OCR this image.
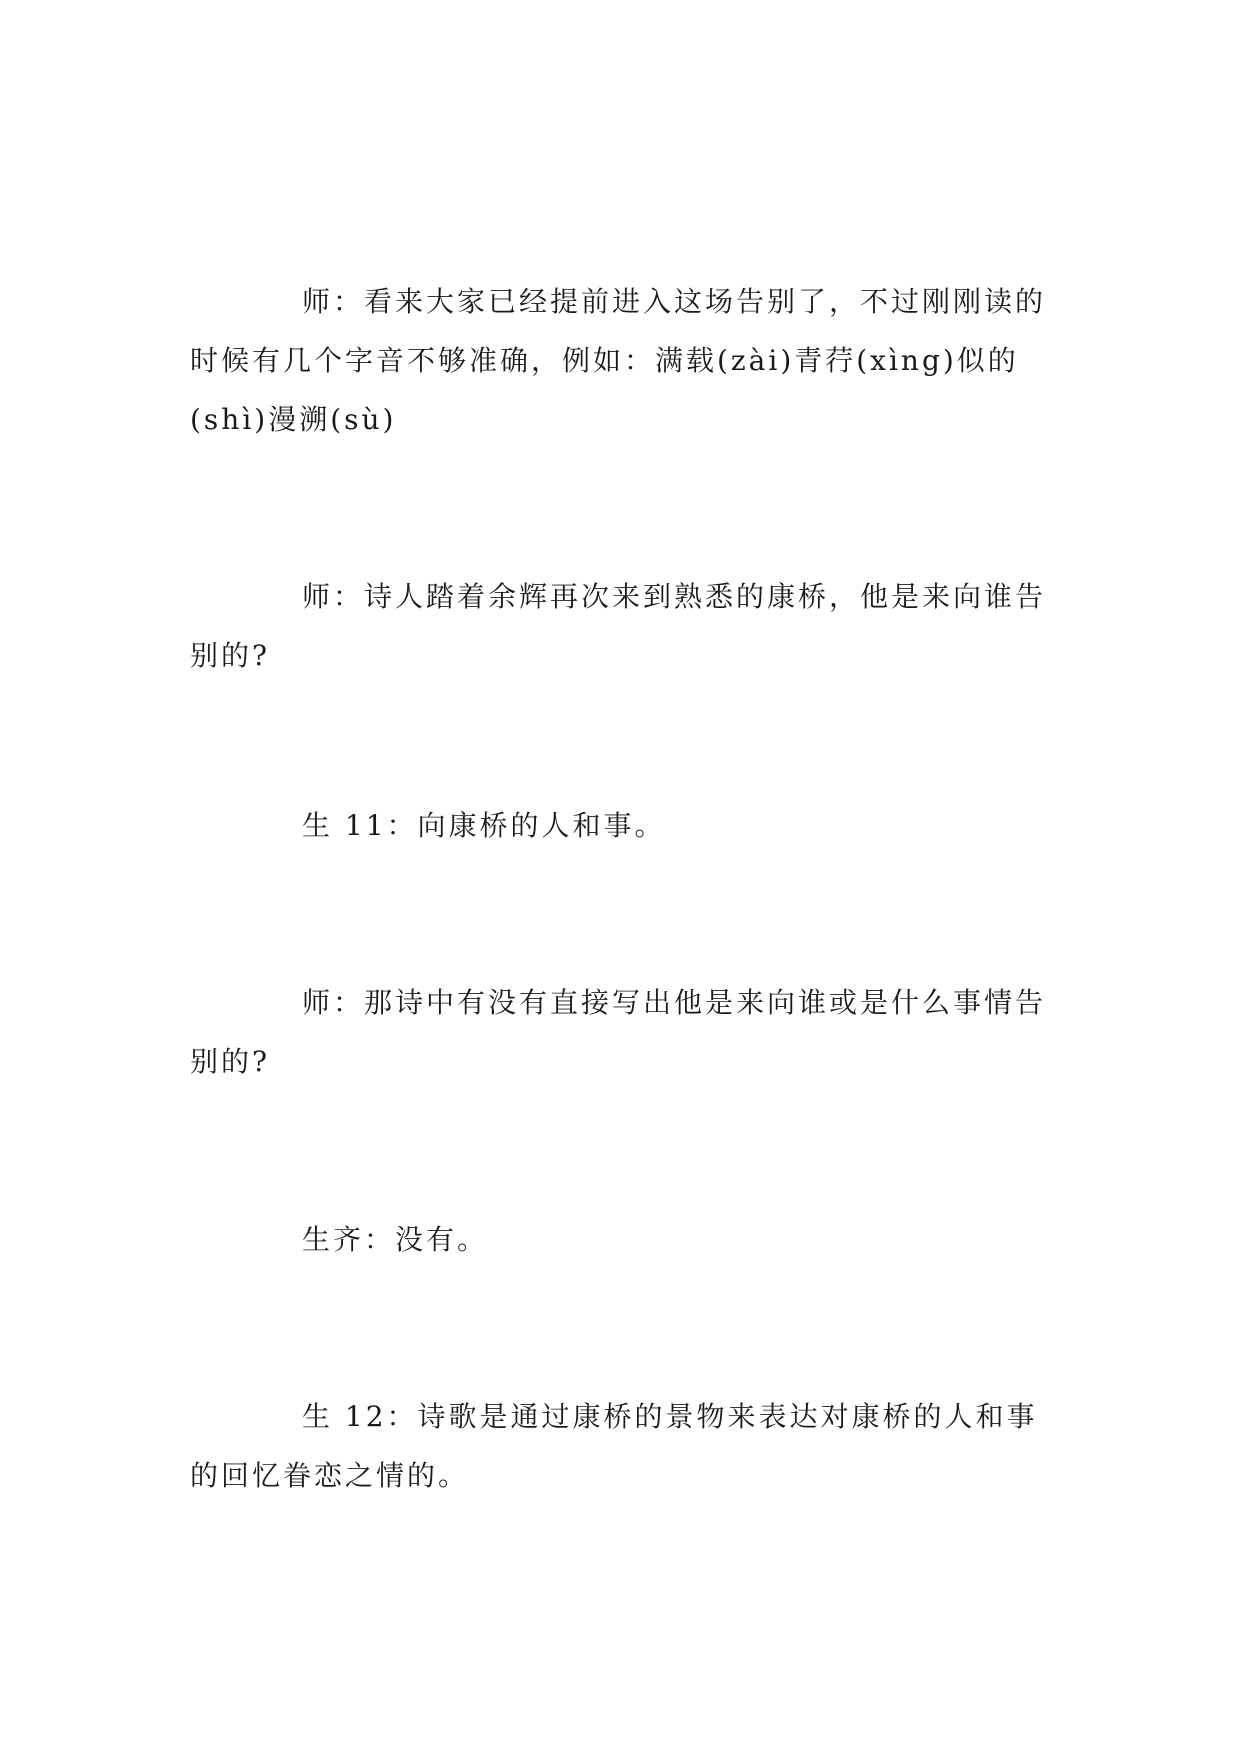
师：看来大家已经提前进入这场告别了，不过刚刚读的时候有几个字音不够准确，例如：满载(zài)青荇(xìng)似的(shì)漫溯(sù)

师：诗人踏着余辉再次来到熟悉的康桥，他是来向谁告别的?

生 11：向康桥的人和事。

师：那诗中有没有直接写出他是来向谁或是什么事情告别的?

生齐：没有。

生 12：诗歌是通过康桥的景物来表达对康桥的人和事的回忆眷恋之情的。
